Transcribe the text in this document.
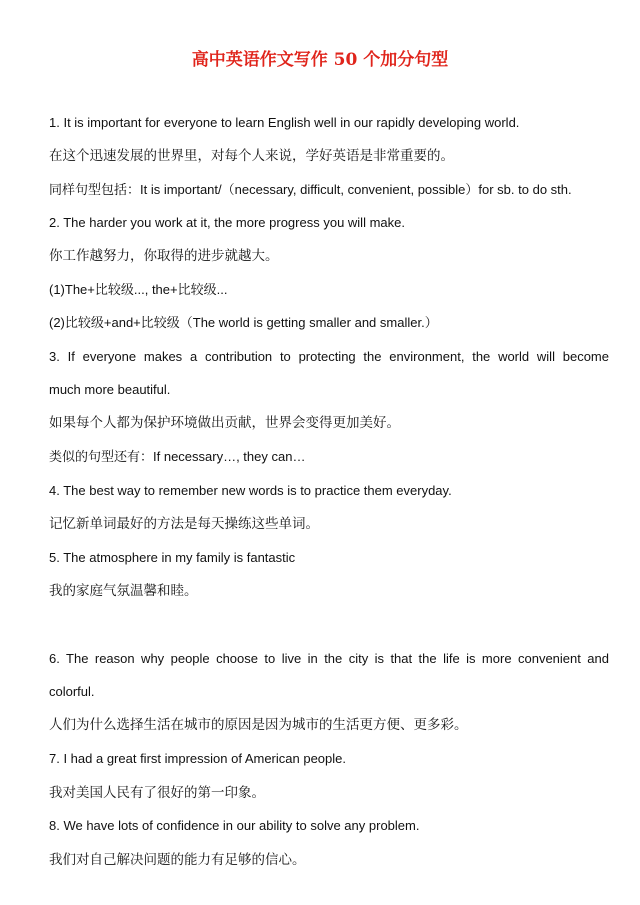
高中英语作文写作 50 个加分句型
1. It is important for everyone to learn English well in our rapidly developing world.
在这个迅速发展的世界里，对每个人来说，学好英语是非常重要的。
同样句型包括：It is important/（necessary, difficult, convenient, possible）for sb. to do sth.
2. The harder you work at it, the more progress you will make.
你工作越努力，你取得的进步就越大。
(1)The+比较级..., the+比较级...
(2)比较级+and+比较级（The world is getting smaller and smaller.）
3. If everyone makes a contribution to protecting the environment, the world will become
much more beautiful.
如果每个人都为保护环境做出贡献，世界会变得更加美好。
类似的句型还有：If necessary…, they can…
4. The best way to remember new words is to practice them everyday.
记忆新单词最好的方法是每天操练这些单词。
5. The atmosphere in my family is fantastic
我的家庭气氛温馨和睦。
6. The reason why people choose to live in the city is that the life is more convenient and
colorful.
人们为什么选择生活在城市的原因是因为城市的生活更方便、更多彩。
7. I had a great first impression of American people.
我对美国人民有了很好的第一印象。
8. We have lots of confidence in our ability to solve any problem.
我们对自己解决问题的能力有足够的信心。
